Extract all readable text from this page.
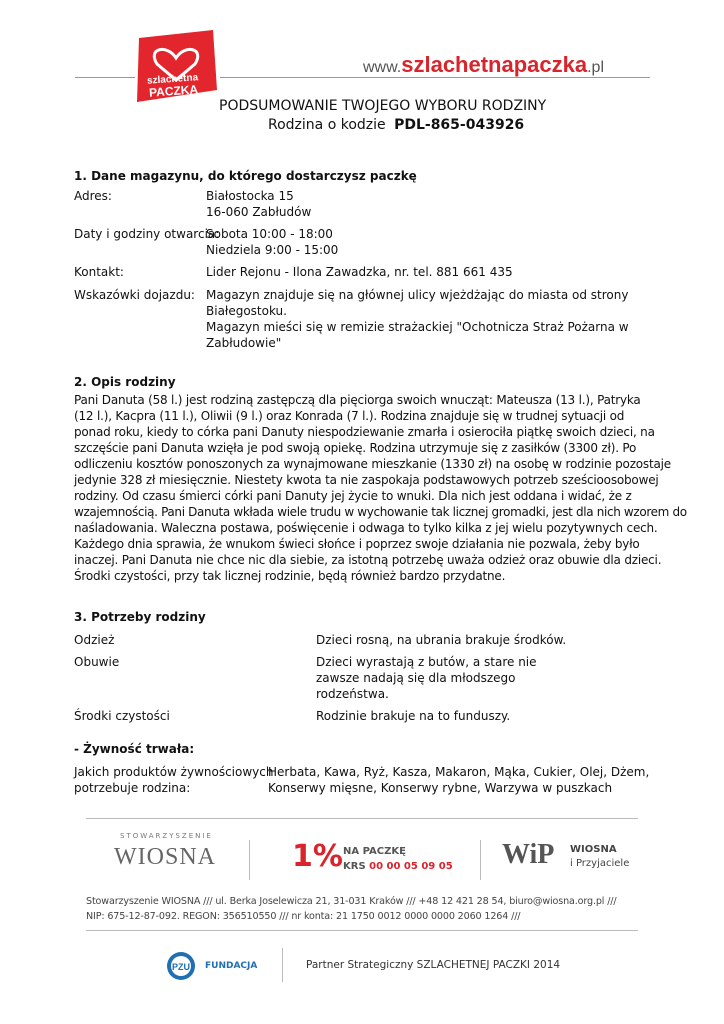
szlachetna
PACZKA
www.szlachetnapaczka.pl
PODSUMOWANIE TWOJEGO WYBORU RODZINY
Rodzina o kodzie PDL-865-043926
1. Dane magazynu, do którego dostarczysz paczkę
Adres:	Białostocka 15
16-060 Zabłudów
Daty i godziny otwarcia:
Sobota 10:00 - 18:00
Niedziela 9:00 - 15:00
Kontakt:	Lider Rejonu - Ilona Zawadzka, nr. tel. 881 661 435
Wskazówki dojazdu: Magazyn znajduje się na głównej ulicy wjeżdżając do miasta od strony
Białegostoku.
Magazyn mieści się w remizie strażackiej "Ochotnicza Straż Pożarna w
Zabłudowie"
2. Opis rodziny
Pani Danuta (58 l.) jest rodziną zastępczą dla pięciorga swoich wnucząt: Mateusza (13 l.), Patryka
(12 l.), Kacpra (11 l.), Oliwii (9 l.) oraz Konrada (7 l.). Rodzina znajduje się w trudnej sytuacji od
ponad roku, kiedy to córka pani Danuty niespodziewanie zmarła i osierociła piątkę swoich dzieci, na
szczęście pani Danuta wzięła je pod swoją opiekę. Rodzina utrzymuje się z zasiłków (3300 zł). Po
odliczeniu kosztów ponoszonych za wynajmowane mieszkanie (1330 zł) na osobę w rodzinie pozostaje
jedynie 328 zł miesięcznie. Niestety kwota ta nie zaspokaja podstawowych potrzeb sześcioosobowej
rodziny. Od czasu śmierci córki pani Danuty jej życie to wnuki. Dla nich jest oddana i widać, że z
wzajemnością. Pani Danuta wkłada wiele trudu w wychowanie tak licznej gromadki, jest dla nich wzorem do
naśladowania. Waleczna postawa, poświęcenie i odwaga to tylko kilka z jej wielu pozytywnych cech.
Każdego dnia sprawia, że wnukom świeci słońce i poprzez swoje działania nie pozwala, żeby było
inaczej. Pani Danuta nie chce nic dla siebie, za istotną potrzebę uważa odzież oraz obuwie dla dzieci.
Środki czystości, przy tak licznej rodzinie, będą również bardzo przydatne.
3. Potrzeby rodziny
Odzież	Dzieci rosną, na ubrania brakuje środków.
Obuwie	Dzieci wyrastają z butów, a stare nie
zawsze nadają się dla młodszego
rodzeństwa.
Środki czystości	Rodzinie brakuje na to funduszy.
- Żywność trwała:
Jakich produktów żywnościowych
potrzebuje rodzina:
Herbata, Kawa, Ryż, Kasza, Makaron, Mąka, Cukier, Olej, Dżem,
Konserwy mięsne, Konserwy rybne, Warzywa w puszkach
STOWARZYSZENIE
WIOSNA	1% NA PACZKĘ
KRS 00 00 05 09 05 WiP WIOSNA
i Przyjaciele
Stowarzyszenie WIOSNA /// ul. Berka Joselewicza 21, 31-031 Kraków /// +48 12 421 28 54, biuro@wiosna.org.pl ///
NIP: 675-12-87-092. REGON: 356510550 /// nr konta: 21 1750 0012 0000 0000 2060 1264 ///
PZU FUNDACJA	Partner Strategiczny SZLACHETNEJ PACZKI 2014
